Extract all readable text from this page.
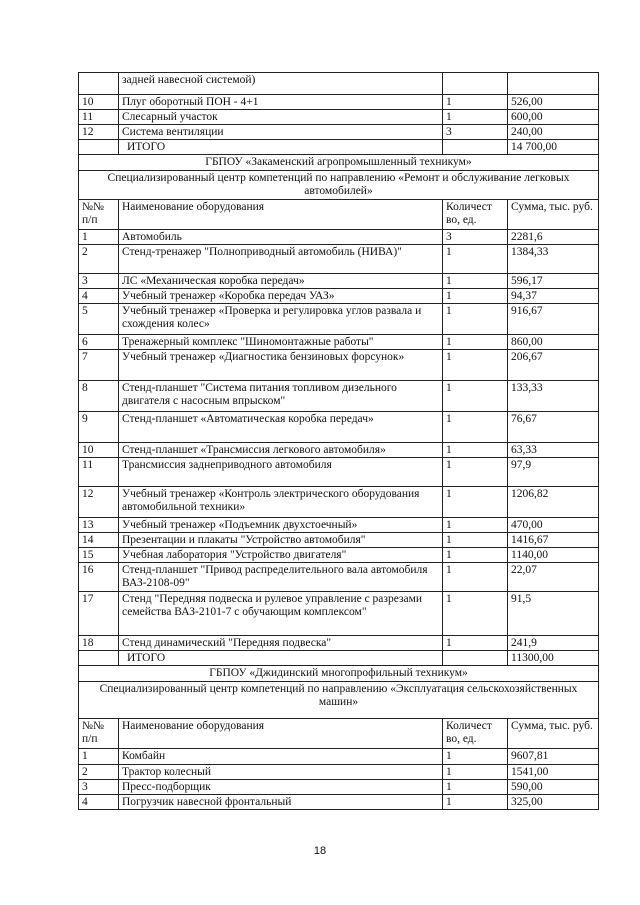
	задней навесной системой)		
10	Плуг оборотный ПОН - 4+1	1	526,00
11	Слесарный участок	1	600,00
12	Система вентиляции	3	240,00
	ИТОГО		14 700,00
ГБПОУ «Закаменский агропромышленный техникум»			
Специализированный центр компетенций по направлению «Ремонт и обслуживание легковых автомобилей»			
№№ п/п	Наименование оборудования	Количест во, ед.	Сумма, тыс. руб.
1	Автомобиль	3	2281,6
2	Стенд-тренажер "Полноприводный автомобиль (НИВА)"	1	1384,33
3	ЛС «Механическая коробка передач»	1	596,17
4	Учебный тренажер «Коробка передач УАЗ»	1	94,37
5	Учебный тренажер «Проверка и регулировка углов развала и схождения колес»	1	916,67
6	Тренажерный комплекс "Шиномонтажные работы"	1	860,00
7	Учебный тренажер «Диагностика бензиновых форсунок»	1	206,67
8	Стенд-планшет "Система питания топливом дизельного двигателя с насосным впрыском"	1	133,33
9	Стенд-планшет «Автоматическая коробка передач»	1	76,67
10	Стенд-планшет «Трансмиссия легкового автомобиля»	1	63,33
11	Трансмиссия заднеприводного автомобиля	1	97,9
12	Учебный тренажер «Контроль электрического оборудования автомобильной техники»	1	1206,82
13	Учебный тренажер «Подъемник двухстоечный»	1	470,00
14	Презентации и плакаты "Устройство автомобиля"	1	1416,67
15	Учебная лаборатория "Устройство двигателя"	1	1140,00
16	Стенд-планшет "Привод распределительного вала автомобиля ВАЗ-2108-09"	1	22,07
17	Стенд "Передняя подвеска и рулевое управление с разрезами семейства ВАЗ-2101-7 с обучающим комплексом"	1	91,5
18	Стенд динамический "Передняя подвеска"	1	241,9
	ИТОГО		11300,00
ГБПОУ «Джидинский многопрофильный техникум»			
Специализированный центр компетенций по направлению «Эксплуатация сельскохозяйственных машин»			
№№ п/п	Наименование оборудования	Количест во, ед.	Сумма, тыс. руб.
1	Комбайн	1	9607,81
2	Трактор колесный	1	1541,00
3	Пресс-подборщик	1	590,00
4	Погрузчик навесной фронтальный	1	325,00
18
